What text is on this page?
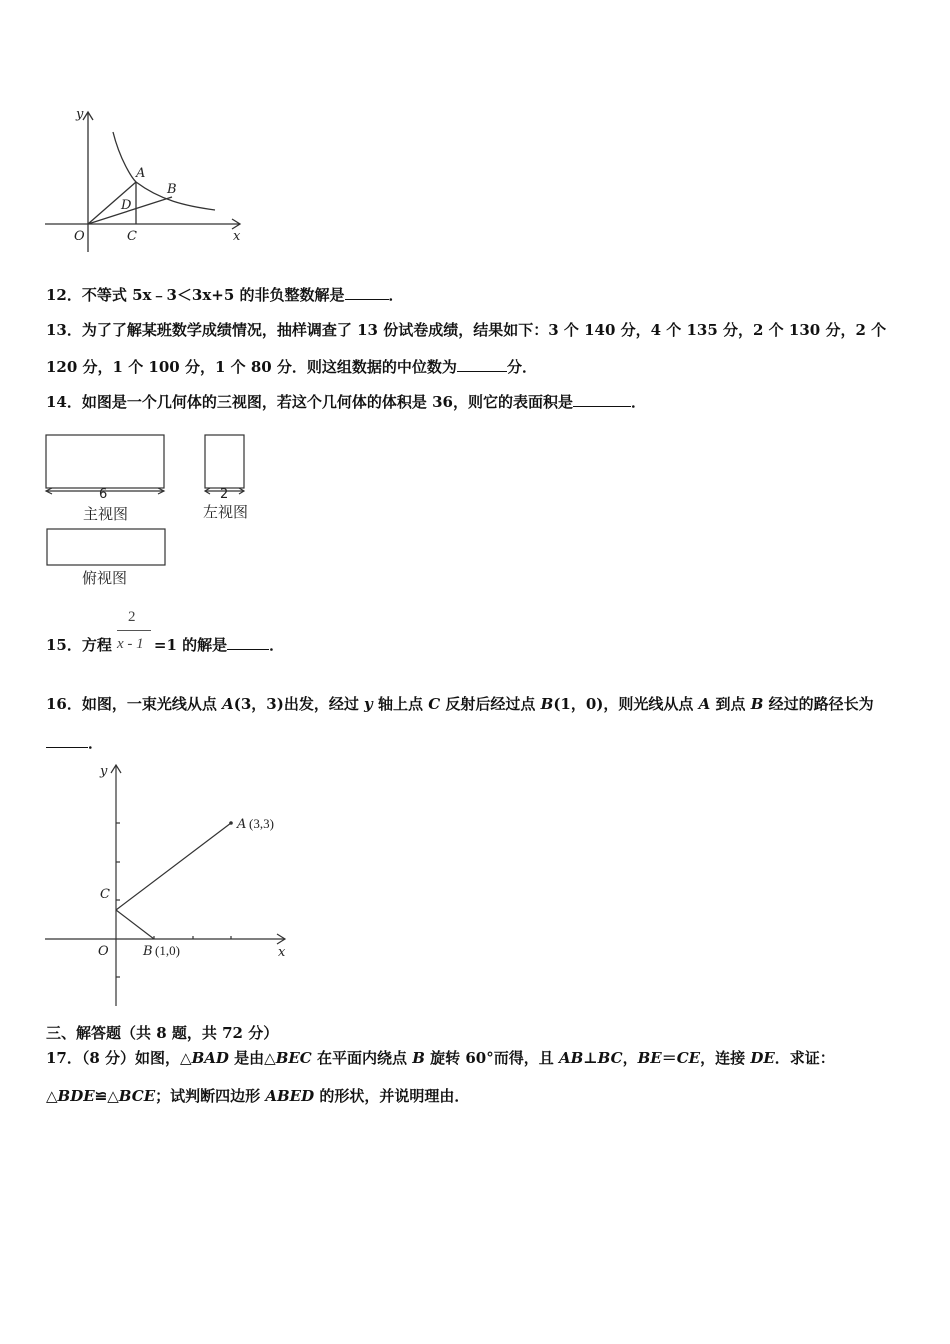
y
x
O
A
B
C
D
12．不等式 5x﹣3＜3x+5 的非负整数解是	．
13．为了了解某班数学成绩情况，抽样调查了 13 份试卷成绩，结果如下：3 个 140 分，4 个 135 分，2 个 130 分，2 个
120 分，1 个 100 分，1 个 80 分．则这组数据的中位数为	分．
14．如图是一个几何体的三视图，若这个几何体的体积是 36，则它的表面积是	．
6	2
主视图	左视图
俯视图
2
x - 1
15．方程	=1 的解是	．
16．如图，一束光线从点 A(3，3)出发，经过 y 轴上点 C 反射后经过点 B(1，0)，则光线从点 A 到点 B 经过的路径长为
．
y
x
O
C
A (3,3)
B (1,0)
三、解答题（共 8 题，共 72 分）
17．（8 分）如图，△BAD 是由△BEC 在平面内绕点 B 旋转 60°而得，且 AB⊥BC，BE＝CE，连接 DE．求证：
△BDE≌△BCE；试判断四边形 ABED 的形状，并说明理由．
